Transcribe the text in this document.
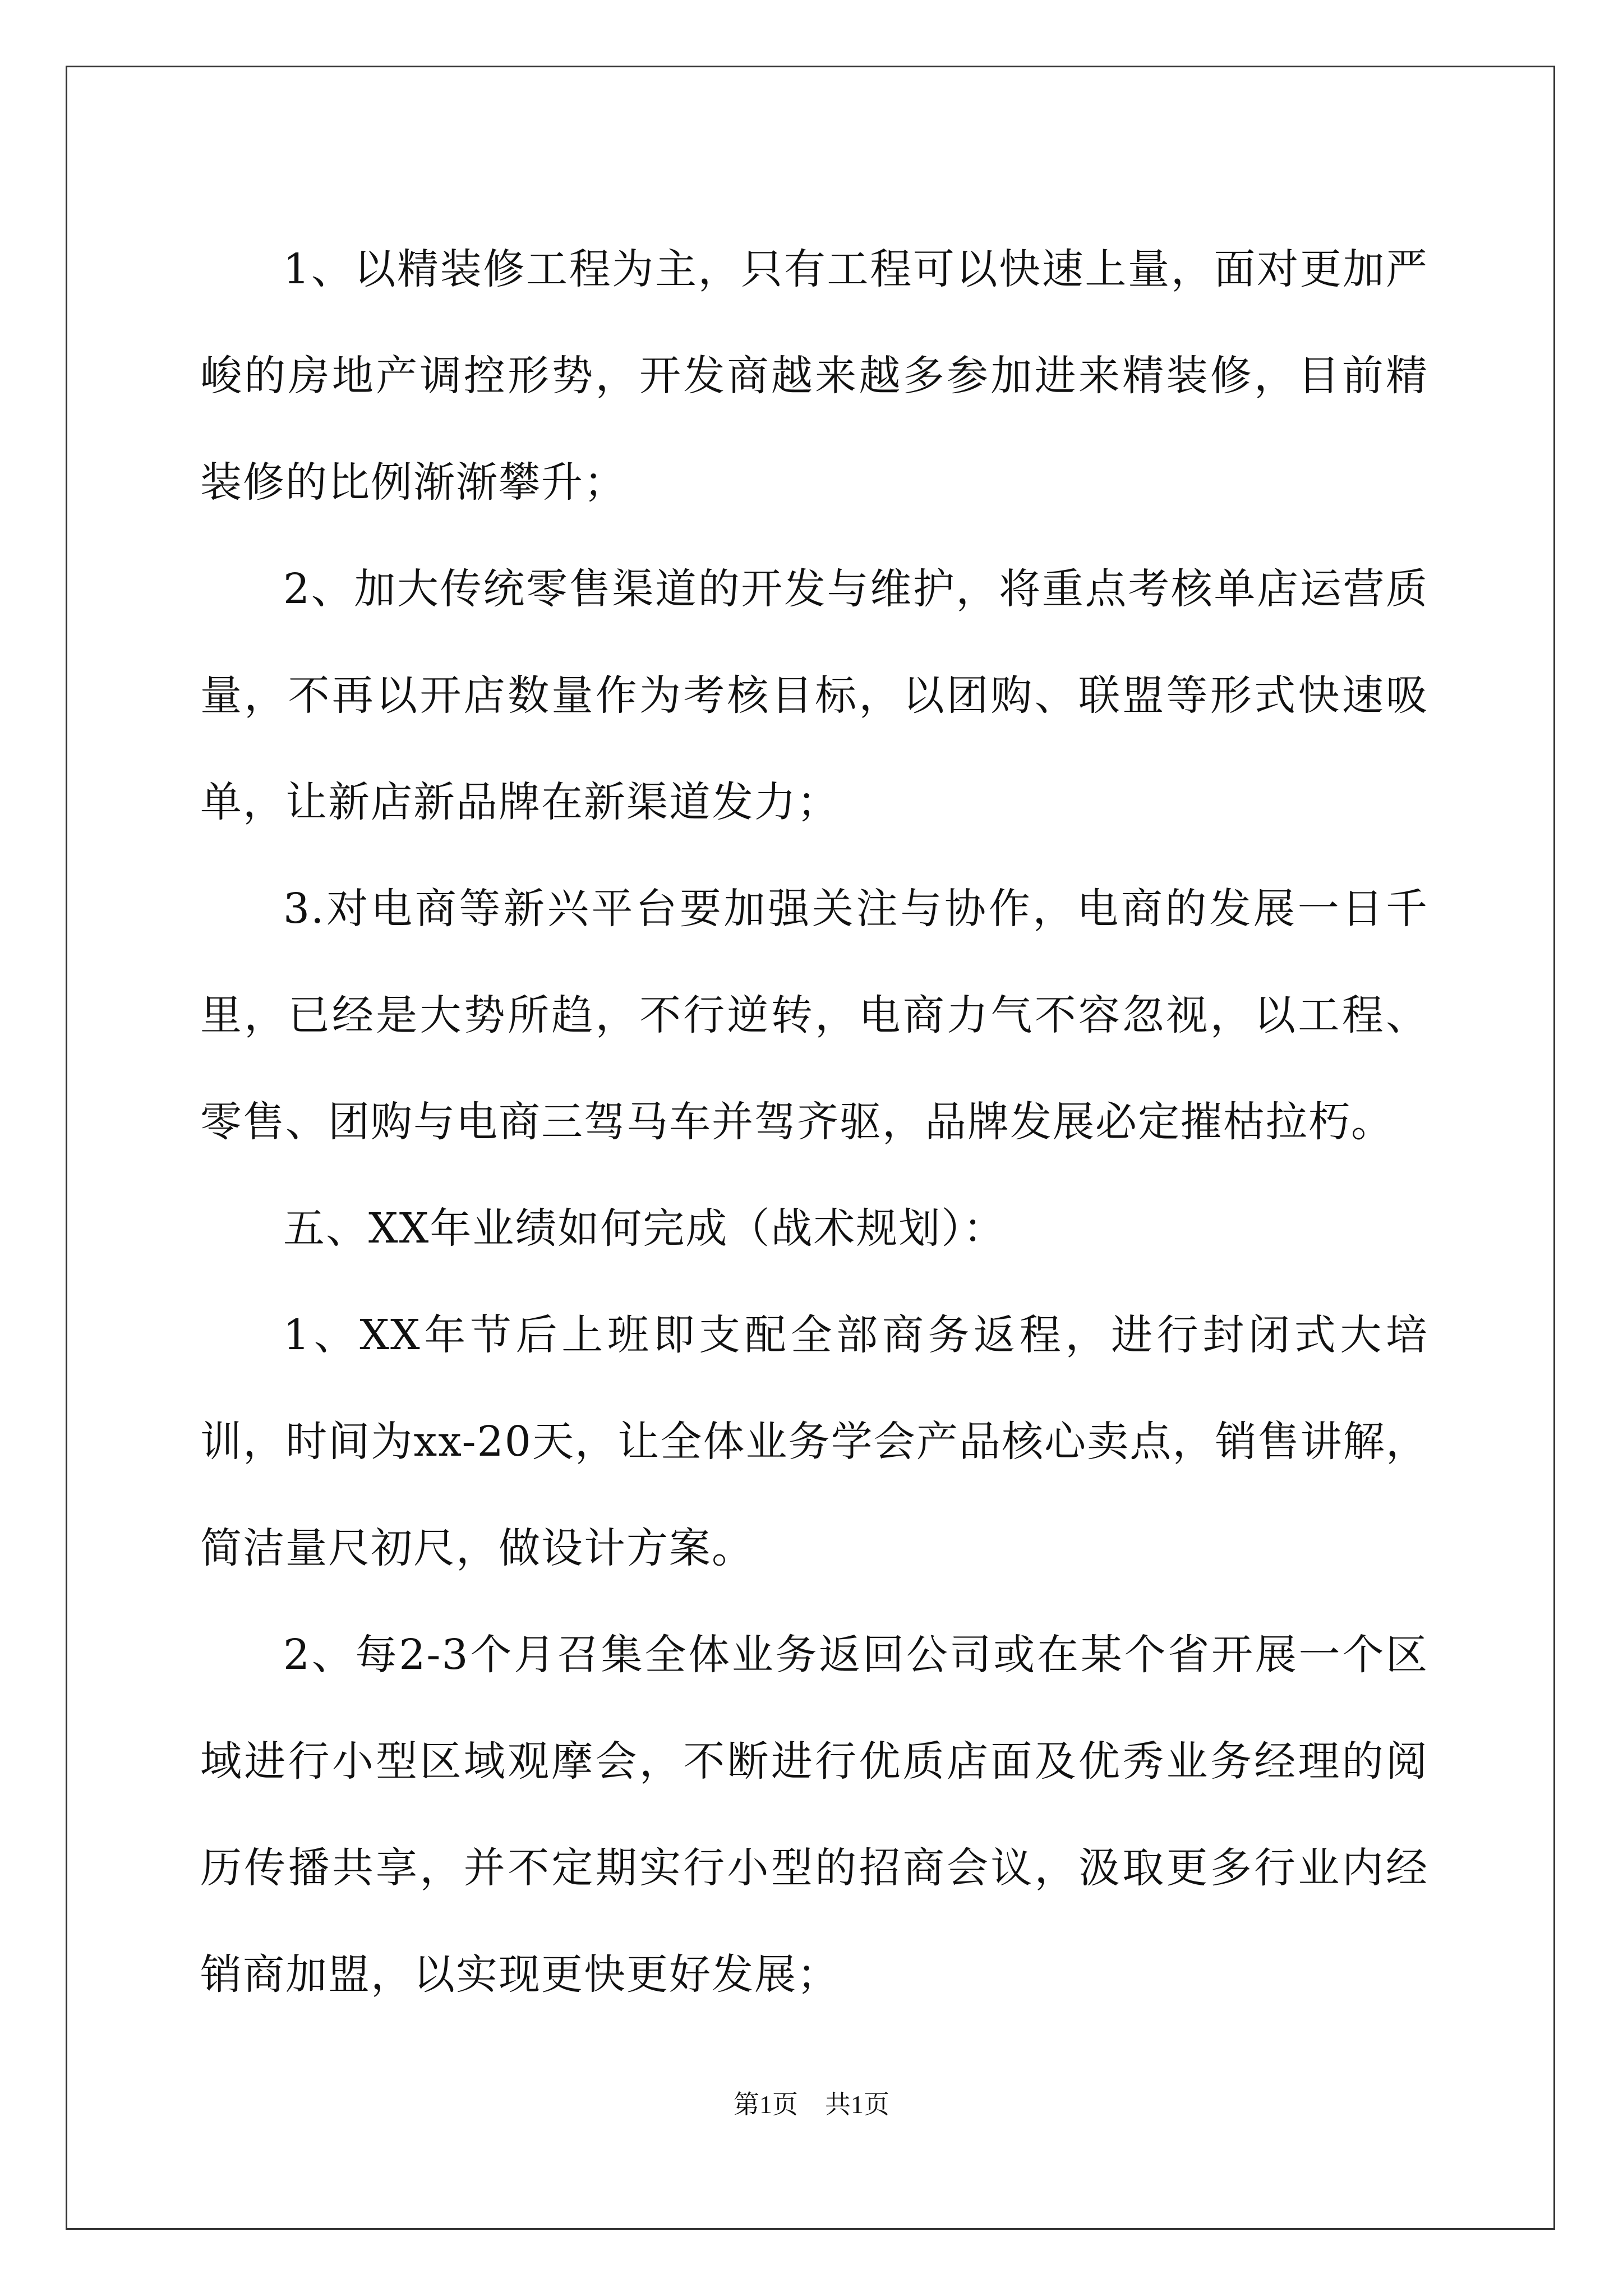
1、以精装修工程为主，只有工程可以快速上量，面对更加严峻的房地产调控形势，开发商越来越多参加进来精装修，目前精装修的比例渐渐攀升；

2、加大传统零售渠道的开发与维护，将重点考核单店运营质量，不再以开店数量作为考核目标，以团购、联盟等形式快速吸单，让新店新品牌在新渠道发力；

3.对电商等新兴平台要加强关注与协作，电商的发展一日千里，已经是大势所趋，不行逆转，电商力气不容忽视，以工程、零售、团购与电商三驾马车并驾齐驱，品牌发展必定摧枯拉朽。

五、XX年业绩如何完成（战术规划）：

1、XX年节后上班即支配全部商务返程，进行封闭式大培训，时间为xx-20天，让全体业务学会产品核心卖点，销售讲解，简洁量尺初尺，做设计方案。

2、每2-3个月召集全体业务返回公司或在某个省开展一个区域进行小型区域观摩会，不断进行优质店面及优秀业务经理的阅历传播共享，并不定期实行小型的招商会议，汲取更多行业内经销商加盟，以实现更快更好发展；

第1页 共1页
